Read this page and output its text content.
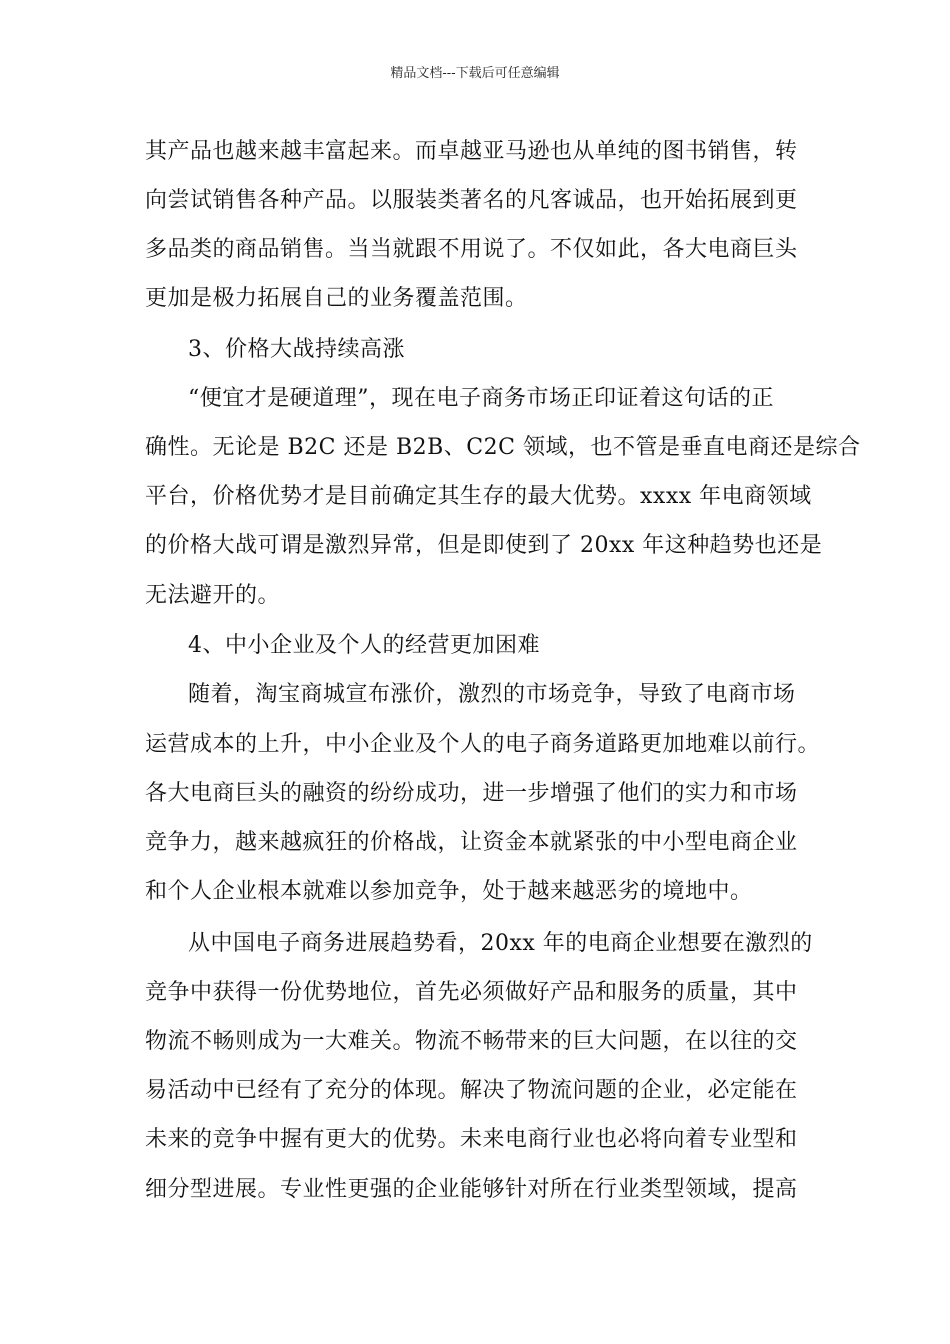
精品文档---下载后可任意编辑
其产品也越来越丰富起来。而卓越亚马逊也从单纯的图书销售，转
向尝试销售各种产品。以服装类著名的凡客诚品，也开始拓展到更
多品类的商品销售。当当就跟不用说了。不仅如此，各大电商巨头
更加是极力拓展自己的业务覆盖范围。
3、价格大战持续高涨
“便宜才是硬道理”，现在电子商务市场正印证着这句话的正
确性。无论是 B2C 还是 B2B、C2C 领域，也不管是垂直电商还是综合
平台，价格优势才是目前确定其生存的最大优势。xxxx 年电商领域
的价格大战可谓是激烈异常，但是即使到了 20xx 年这种趋势也还是
无法避开的。
4、中小企业及个人的经营更加困难
随着，淘宝商城宣布涨价，激烈的市场竞争，导致了电商市场
运营成本的上升，中小企业及个人的电子商务道路更加地难以前行。
各大电商巨头的融资的纷纷成功，进一步增强了他们的实力和市场
竞争力，越来越疯狂的价格战，让资金本就紧张的中小型电商企业
和个人企业根本就难以参加竞争，处于越来越恶劣的境地中。
从中国电子商务进展趋势看，20xx 年的电商企业想要在激烈的
竞争中获得一份优势地位，首先必须做好产品和服务的质量，其中
物流不畅则成为一大难关。物流不畅带来的巨大问题，在以往的交
易活动中已经有了充分的体现。解决了物流问题的企业，必定能在
未来的竞争中握有更大的优势。未来电商行业也必将向着专业型和
细分型进展。专业性更强的企业能够针对所在行业类型领域，提高
